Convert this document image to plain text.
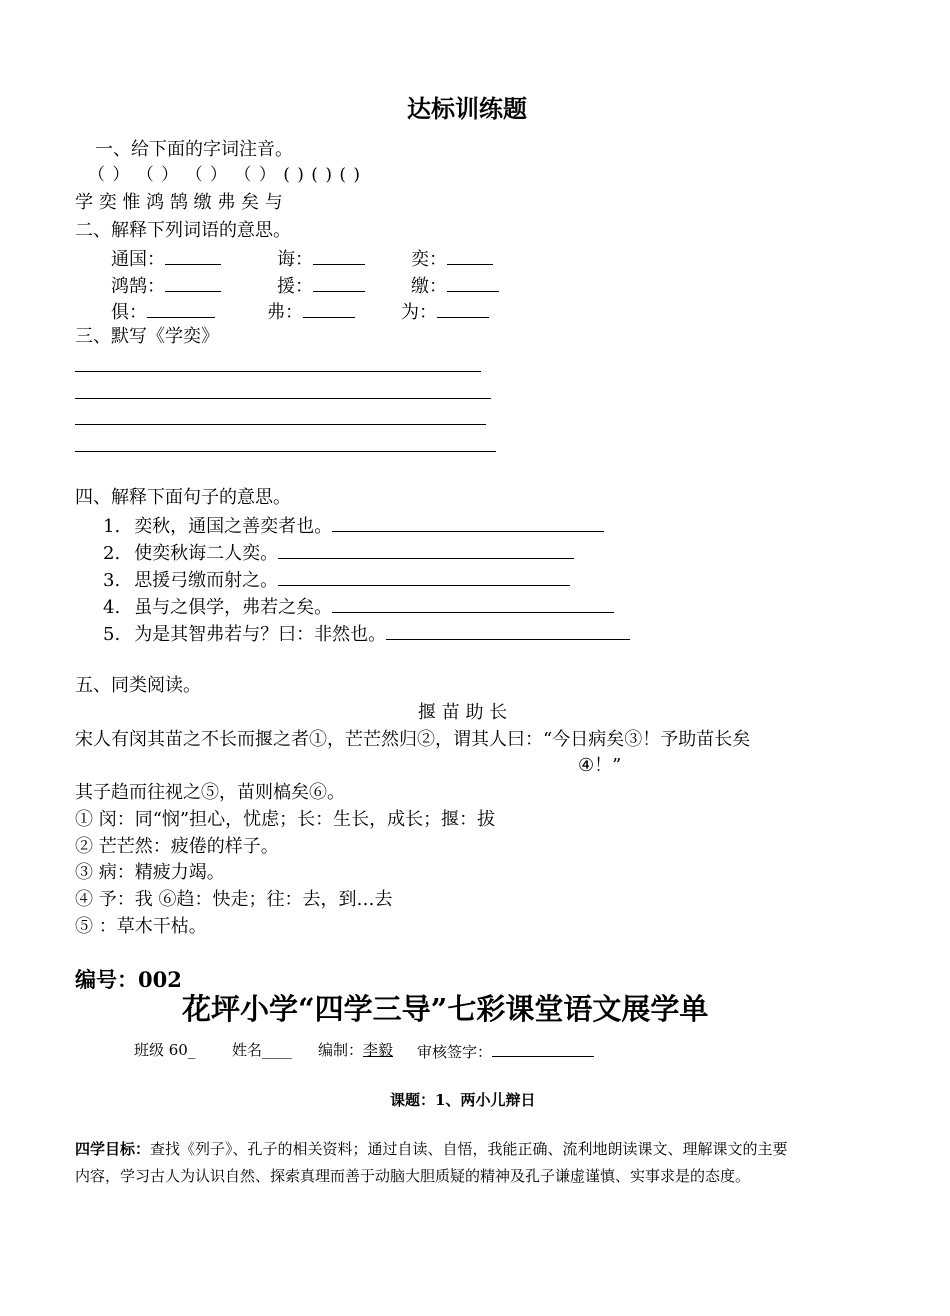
达标训练题
一、给下面的字词注音。
（ ） （ ） （ ） （ ） ( ) ( ) ( )
学 奕 惟 鸿 鹄 缴 弗 矣 与
二、解释下列词语的意思。
通国：	诲：	奕：
鸿鹄：	援：	缴：
俱：	弗：	为：
三、默写《学奕》
四、解释下面句子的意思。
1. 奕秋，通国之善奕者也。
2. 使奕秋诲二人奕。
3. 思援弓缴而射之。
4. 虽与之俱学，弗若之矣。
5. 为是其智弗若与？曰：非然也。
五、同类阅读。
揠 苗 助 长
宋人有闵其苗之不长而揠之者①，芒芒然归②，谓其人曰：“今日病矣③！予助苗长矣
④！”
其子趋而往视之⑤，苗则槁矣⑥。
① 闵：同“悯”担心，忧虑；长：生长，成长；揠：拔
② 芒芒然：疲倦的样子。
③ 病：精疲力竭。
④ 予：我 ⑥趋：快走；往：去，到…去
⑤ ：草木干枯。
编号：002
花坪小学“四学三导”七彩课堂语文展学单
班级 60_ 姓名____ 编制：李毅 审核签字：
课题：1、两小儿辩日
四学目标：查找《列子》、孔子的相关资料；通过自读、自悟，我能正确、流利地朗读课文、理解课文的主要
内容，学习古人为认识自然、探索真理而善于动脑大胆质疑的精神及孔子谦虚谨慎、实事求是的态度。
